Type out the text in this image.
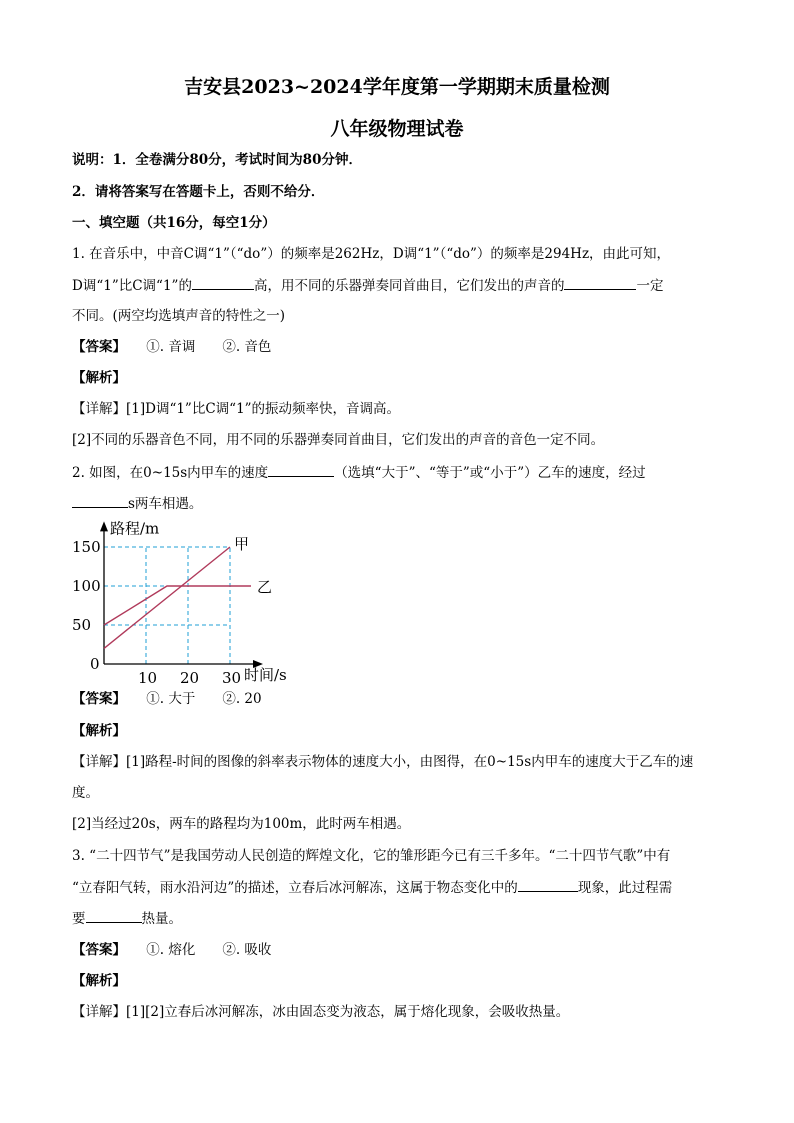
吉安县2023~2024学年度第一学期期末质量检测
八年级物理试卷
说明：1．全卷满分80分，考试时间为80分钟．
2．请将答案写在答题卡上，否则不给分．
一、填空题（共16分，每空1分）
1. 在音乐中，中音C调“1”（“do”）的频率是262Hz，D调“1”（“do”）的频率是294Hz，由此可知，
D调“1”比C调“1”的	高，用不同的乐器弹奏同首曲目，它们发出的声音的	一定
不同。(两空均选填声音的特性之一)
【答案】　　 ①. 音调　　②. 音色
【解析】
【详解】[1]D调“1”比C调“1”的振动频率快，音调高。
[2]不同的乐器音色不同，用不同的乐器弹奏同首曲目，它们发出的声音的音色一定不同。
2. 如图，在0~15s内甲车的速度	（选填“大于”、“等于”或“小于”）乙车的速度，经过
s两车相遇。
甲
乙
0
10 20 30
50
100
150
路程/m
时间/s
【答案】　　 ①. 大于　　②. 20
【解析】
【详解】[1]路程-时间的图像的斜率表示物体的速度大小，由图得，在0~15s内甲车的速度大于乙车的速
度。
[2]当经过20s，两车的路程均为100m，此时两车相遇。
3. “二十四节气”是我国劳动人民创造的辉煌文化，它的雏形距今已有三千多年。“二十四节气歌”中有
“立春阳气转，雨水沿河边”的描述，立春后冰河解冻，这属于物态变化中的	现象，此过程需
要	热量。
【答案】　　 ①. 熔化　　②. 吸收
【解析】
【详解】[1][2]立春后冰河解冻，冰由固态变为液态，属于熔化现象，会吸收热量。
